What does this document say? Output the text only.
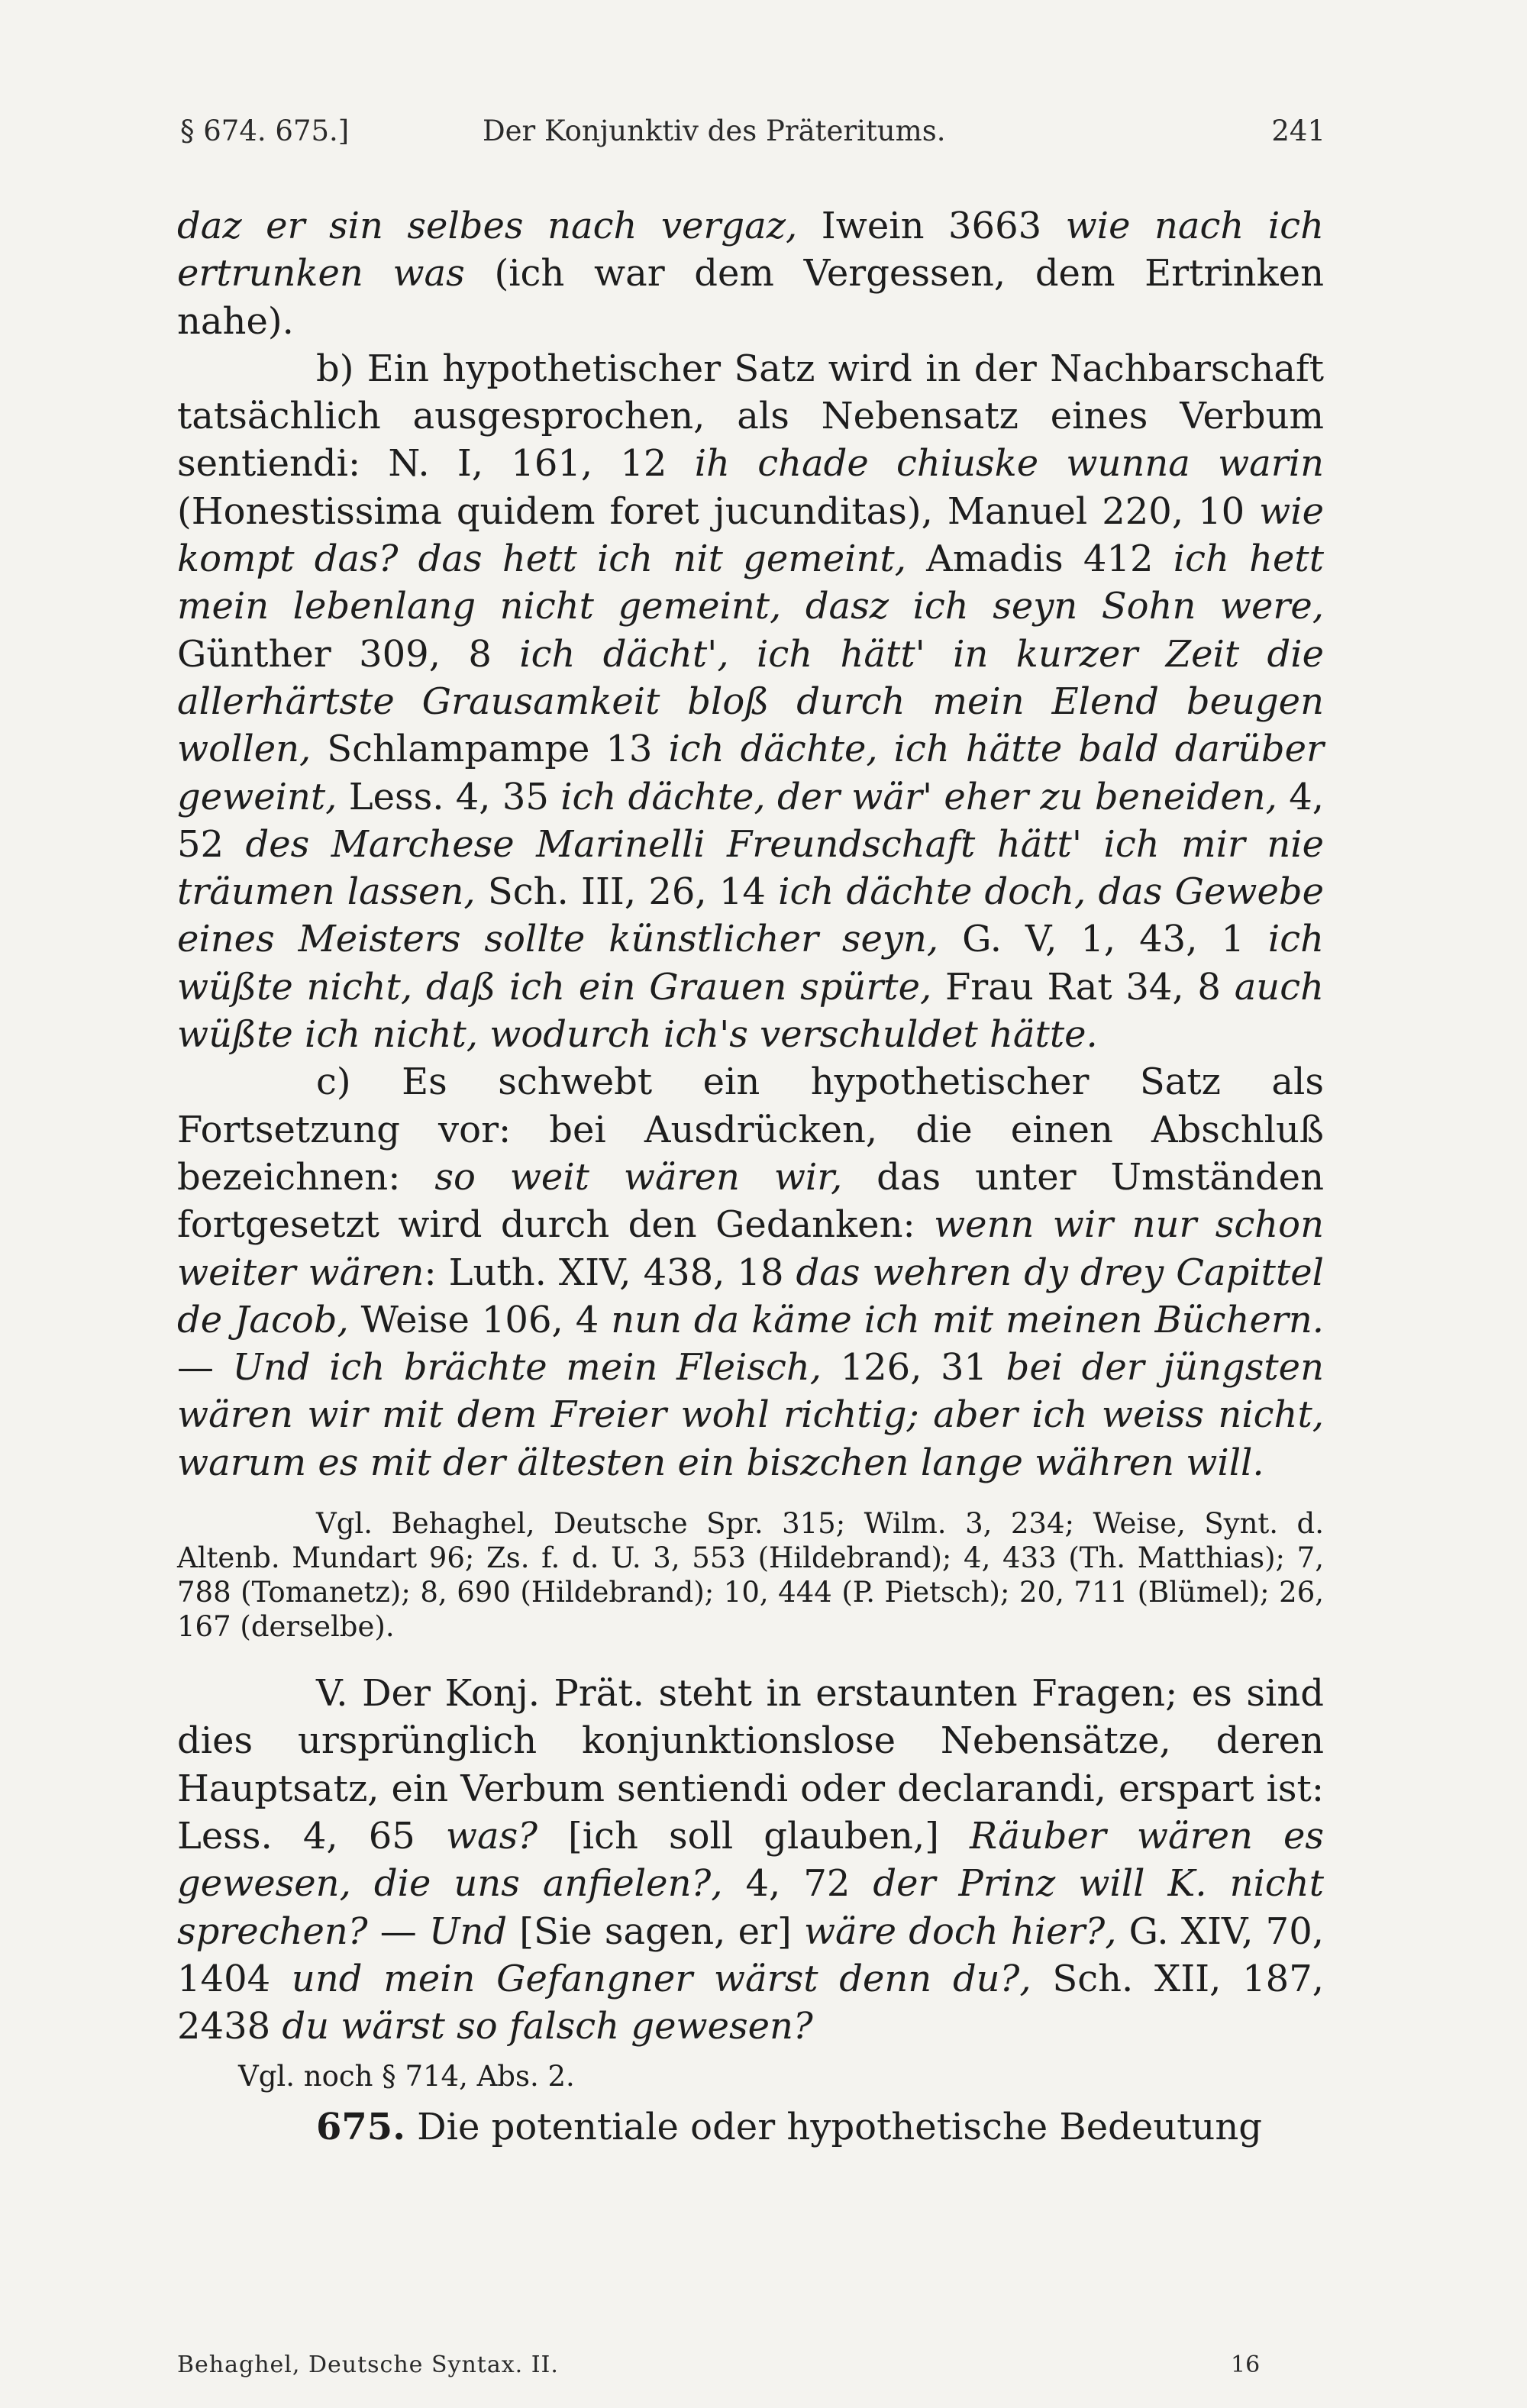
§ 674. 675.]	Der Konjunktiv des Präteritums.	241

daz er sin selbes nach vergaz, Iwein 3663 wie nach ich ertrunken was (ich war dem Vergessen, dem Ertrinken nahe).

b) Ein hypothetischer Satz wird in der Nachbarschaft tatsächlich ausgesprochen, als Nebensatz eines Verbum sentiendi: N. I, 161, 12 ih chade chiuske wunna warin (Honestissima quidem foret jucunditas), Manuel 220, 10 wie kompt das? das hett ich nit gemeint, Amadis 412 ich hett mein lebenlang nicht gemeint, dasz ich seyn Sohn were, Günther 309, 8 ich dächt', ich hätt' in kurzer Zeit die allerhärtste Grausamkeit bloß durch mein Elend beugen wollen, Schlampampe 13 ich dächte, ich hätte bald darüber geweint, Less. 4, 35 ich dächte, der wär' eher zu beneiden, 4, 52 des Marchese Marinelli Freundschaft hätt' ich mir nie träumen lassen, Sch. III, 26, 14 ich dächte doch, das Gewebe eines Meisters sollte künstlicher seyn, G. V, 1, 43, 1 ich wüßte nicht, daß ich ein Grauen spürte, Frau Rat 34, 8 auch wüßte ich nicht, wodurch ich's verschuldet hätte.

c) Es schwebt ein hypothetischer Satz als Fortsetzung vor: bei Ausdrücken, die einen Abschluß bezeichnen: so weit wären wir, das unter Umständen fortgesetzt wird durch den Gedanken: wenn wir nur schon weiter wären: Luth. XIV, 438, 18 das wehren dy drey Capittel de Jacob, Weise 106, 4 nun da käme ich mit meinen Büchern. — Und ich brächte mein Fleisch, 126, 31 bei der jüngsten wären wir mit dem Freier wohl richtig; aber ich weiss nicht, warum es mit der ältesten ein biszchen lange währen will.

Vgl. Behaghel, Deutsche Spr. 315; Wilm. 3, 234; Weise, Synt. d. Altenb. Mundart 96; Zs. f. d. U. 3, 553 (Hildebrand); 4, 433 (Th. Matthias); 7, 788 (Tomanetz); 8, 690 (Hildebrand); 10, 444 (P. Pietsch); 20, 711 (Blümel); 26, 167 (derselbe).

V. Der Konj. Prät. steht in erstaunten Fragen; es sind dies ursprünglich konjunktionslose Nebensätze, deren Hauptsatz, ein Verbum sentiendi oder declarandi, erspart ist: Less. 4, 65 was? [ich soll glauben,] Räuber wären es gewesen, die uns anfielen?, 4, 72 der Prinz will K. nicht sprechen? — Und [Sie sagen, er] wäre doch hier?, G. XIV, 70, 1404 und mein Gefangner wärst denn du?, Sch. XII, 187, 2438 du wärst so falsch gewesen?

Vgl. noch § 714, Abs. 2.

675. Die potentiale oder hypothetische Bedeutung

Behaghel, Deutsche Syntax. II.	16
